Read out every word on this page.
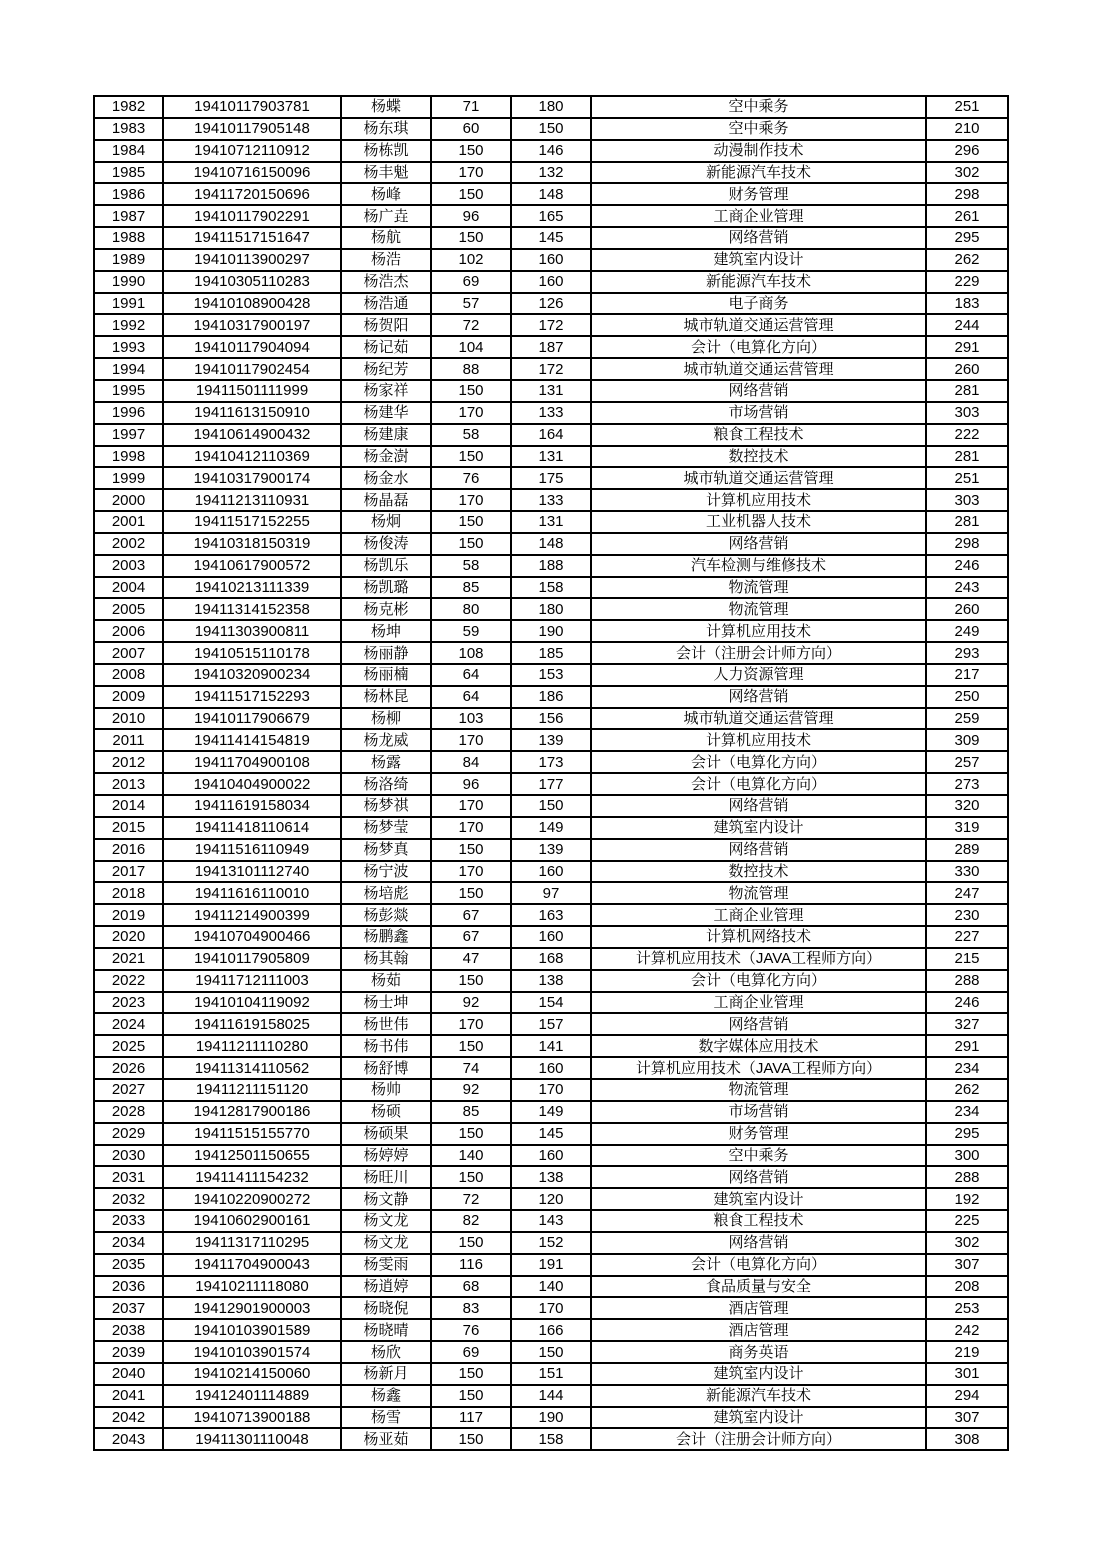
1982	19410117903781	杨蝶	71	180	空中乘务	251
1983	19410117905148	杨东琪	60	150	空中乘务	210
1984	19410712110912	杨栋凯	150	146	动漫制作技术	296
1985	19410716150096	杨丰魁	170	132	新能源汽车技术	302
1986	19411720150696	杨峰	150	148	财务管理	298
1987	19410117902291	杨广垚	96	165	工商企业管理	261
1988	19411517151647	杨航	150	145	网络营销	295
1989	19410113900297	杨浩	102	160	建筑室内设计	262
1990	19410305110283	杨浩杰	69	160	新能源汽车技术	229
1991	19410108900428	杨浩通	57	126	电子商务	183
1992	19410317900197	杨贺阳	72	172	城市轨道交通运营管理	244
1993	19410117904094	杨记茹	104	187	会计（电算化方向）	291
1994	19410117902454	杨纪芳	88	172	城市轨道交通运营管理	260
1995	19411501111999	杨家祥	150	131	网络营销	281
1996	19411613150910	杨建华	170	133	市场营销	303
1997	19410614900432	杨建康	58	164	粮食工程技术	222
1998	19410412110369	杨金澍	150	131	数控技术	281
1999	19410317900174	杨金水	76	175	城市轨道交通运营管理	251
2000	19411213110931	杨晶磊	170	133	计算机应用技术	303
2001	19411517152255	杨炯	150	131	工业机器人技术	281
2002	19410318150319	杨俊涛	150	148	网络营销	298
2003	19410617900572	杨凯乐	58	188	汽车检测与维修技术	246
2004	19410213111339	杨凯璐	85	158	物流管理	243
2005	19411314152358	杨克彬	80	180	物流管理	260
2006	19411303900811	杨坤	59	190	计算机应用技术	249
2007	19410515110178	杨丽静	108	185	会计（注册会计师方向）	293
2008	19410320900234	杨丽楠	64	153	人力资源管理	217
2009	19411517152293	杨林昆	64	186	网络营销	250
2010	19410117906679	杨柳	103	156	城市轨道交通运营管理	259
2011	19411414154819	杨龙威	170	139	计算机应用技术	309
2012	19411704900108	杨露	84	173	会计（电算化方向）	257
2013	19410404900022	杨洛绮	96	177	会计（电算化方向）	273
2014	19411619158034	杨梦祺	170	150	网络营销	320
2015	19411418110614	杨梦莹	170	149	建筑室内设计	319
2016	19411516110949	杨梦真	150	139	网络营销	289
2017	19413101112740	杨宁波	170	160	数控技术	330
2018	19411616110010	杨培彪	150	97	物流管理	247
2019	19411214900399	杨彭燚	67	163	工商企业管理	230
2020	19410704900466	杨鹏鑫	67	160	计算机网络技术	227
2021	19410117905809	杨其翰	47	168	计算机应用技术（JAVA工程师方向）	215
2022	19411712111003	杨茹	150	138	会计（电算化方向）	288
2023	19410104119092	杨士坤	92	154	工商企业管理	246
2024	19411619158025	杨世伟	170	157	网络营销	327
2025	19411211110280	杨书伟	150	141	数字媒体应用技术	291
2026	19411314110562	杨舒博	74	160	计算机应用技术（JAVA工程师方向）	234
2027	19411211151120	杨帅	92	170	物流管理	262
2028	19412817900186	杨硕	85	149	市场营销	234
2029	19411515155770	杨硕果	150	145	财务管理	295
2030	19412501150655	杨婷婷	140	160	空中乘务	300
2031	19411411154232	杨旺川	150	138	网络营销	288
2032	19410220900272	杨文静	72	120	建筑室内设计	192
2033	19410602900161	杨文龙	82	143	粮食工程技术	225
2034	19411317110295	杨文龙	150	152	网络营销	302
2035	19411704900043	杨雯雨	116	191	会计（电算化方向）	307
2036	19410211118080	杨逍婷	68	140	食品质量与安全	208
2037	19412901900003	杨晓倪	83	170	酒店管理	253
2038	19410103901589	杨晓晴	76	166	酒店管理	242
2039	19410103901574	杨欣	69	150	商务英语	219
2040	19410214150060	杨新月	150	151	建筑室内设计	301
2041	19412401114889	杨鑫	150	144	新能源汽车技术	294
2042	19410713900188	杨雪	117	190	建筑室内设计	307
2043	19411301110048	杨亚茹	150	158	会计（注册会计师方向）	308
